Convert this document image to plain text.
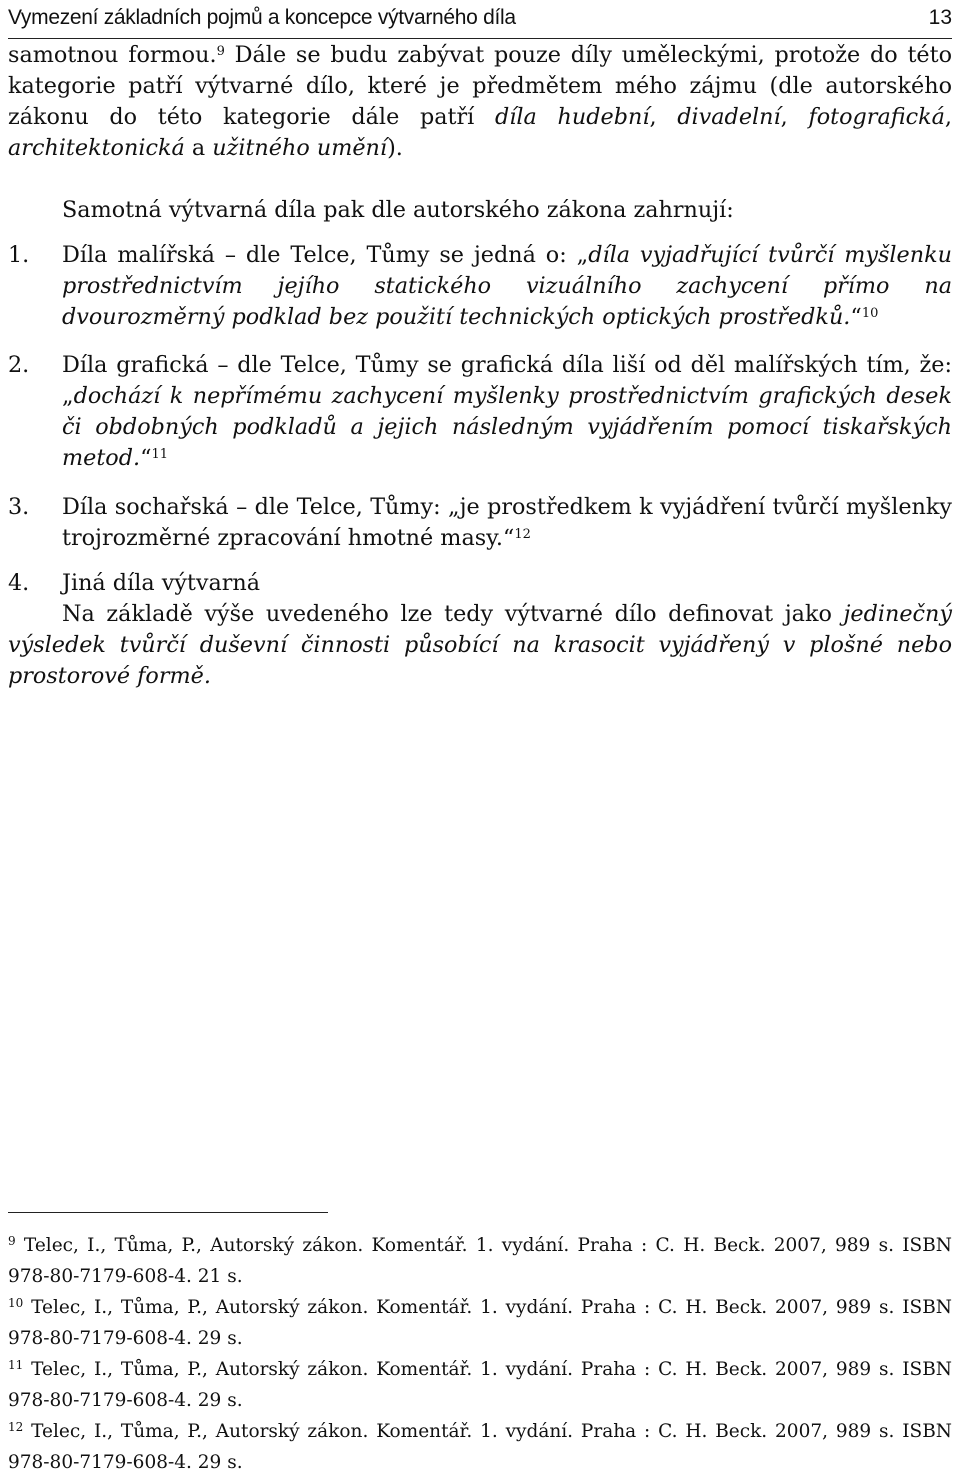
Vymezení základních pojmů a koncepce výtvarného díla	13

samotnou formou.$^9$ Dále se budu zabývat pouze díly uměleckými, protože do této kategorie patří výtvarné dílo, které je předmětem mého zájmu (dle autorského zákonu do této kategorie dále patří díla hudební, divadelní, fotografická, architektonická a užitného umění).

Samotná výtvarná díla pak dle autorského zákona zahrnují:

1. Díla malířská – dle Telce, Tůmy se jedná o: „díla vyjadřující tvůrčí myšlenku prostřednictvím jejího statického vizuálního zachycení přímo na dvourozměrný podklad bez použití technických optických prostředků.“$^{10}$
2. Díla grafická – dle Telce, Tůmy se grafická díla liší od děl malířských tím, že: „dochází k nepřímému zachycení myšlenky prostřednictvím grafických desek či obdobných podkladů a jejich následným vyjádřením pomocí tiskařských metod.“$^{11}$
3. Díla sochařská – dle Telce, Tůmy: „je prostředkem k vyjádření tvůrčí myšlenky trojrozměrné zpracování hmotné masy.“$^{12}$
4. Jiná díla výtvarná

Na základě výše uvedeného lze tedy výtvarné dílo definovat jako jedinečný výsledek tvůrčí duševní činnosti působící na krasocit vyjádřený v plošné nebo prostorové formě.

$^9$ Telec, I., Tůma, P., Autorský zákon. Komentář. 1. vydání. Praha : C. H. Beck. 2007, 989 s. ISBN 978-80-7179-608-4. 21 s.
$^{10}$ Telec, I., Tůma, P., Autorský zákon. Komentář. 1. vydání. Praha : C. H. Beck. 2007, 989 s. ISBN 978-80-7179-608-4. 29 s.
$^{11}$ Telec, I., Tůma, P., Autorský zákon. Komentář. 1. vydání. Praha : C. H. Beck. 2007, 989 s. ISBN 978-80-7179-608-4. 29 s.
$^{12}$ Telec, I., Tůma, P., Autorský zákon. Komentář. 1. vydání. Praha : C. H. Beck. 2007, 989 s. ISBN 978-80-7179-608-4. 29 s.
